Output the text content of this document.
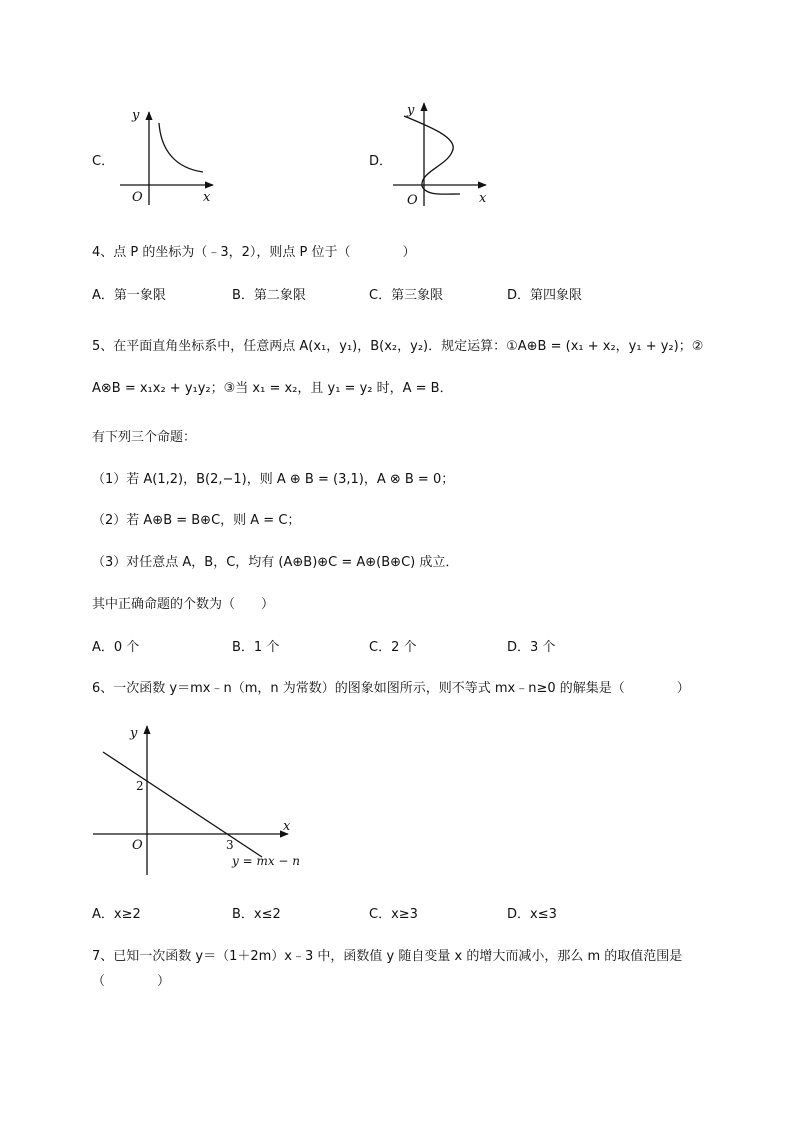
C．
y
x
O
D．
y
x
O
4、点 P 的坐标为（﹣3，2），则点 P 位于（　　　　）
A．第一象限	B．第二象限	C．第三象限	D．第四象限
5、在平面直角坐标系中，任意两点 A(x₁，y₁)，B(x₂，y₂)．规定运算：①A⊕B = (x₁ + x₂，y₁ + y₂)；②
A⊗B = x₁x₂ + y₁y₂；③当 x₁ = x₂，且 y₁ = y₂ 时，A = B．
有下列三个命题：
（1）若 A(1,2)，B(2,−1)，则 A ⊕ B = (3,1)，A ⊗ B = 0；
（2）若 A⊕B = B⊕C，则 A = C；
（3）对任意点 A，B，C，均有 (A⊕B)⊕C = A⊕(B⊕C) 成立．
其中正确命题的个数为（　　）
A．0 个	B．1 个	C．2 个	D．3 个
6、一次函数 y＝mx﹣n（m，n 为常数）的图象如图所示，则不等式 mx﹣n≥0 的解集是（　　　　）
y
x
O
2
3
y = mx − n
A．x≥2	B．x≤2	C．x≥3	D．x≤3
7、已知一次函数 y＝（1＋2m）x﹣3 中，函数值 y 随自变量 x 的增大而减小，那么 m 的取值范围是
（　　　　）
